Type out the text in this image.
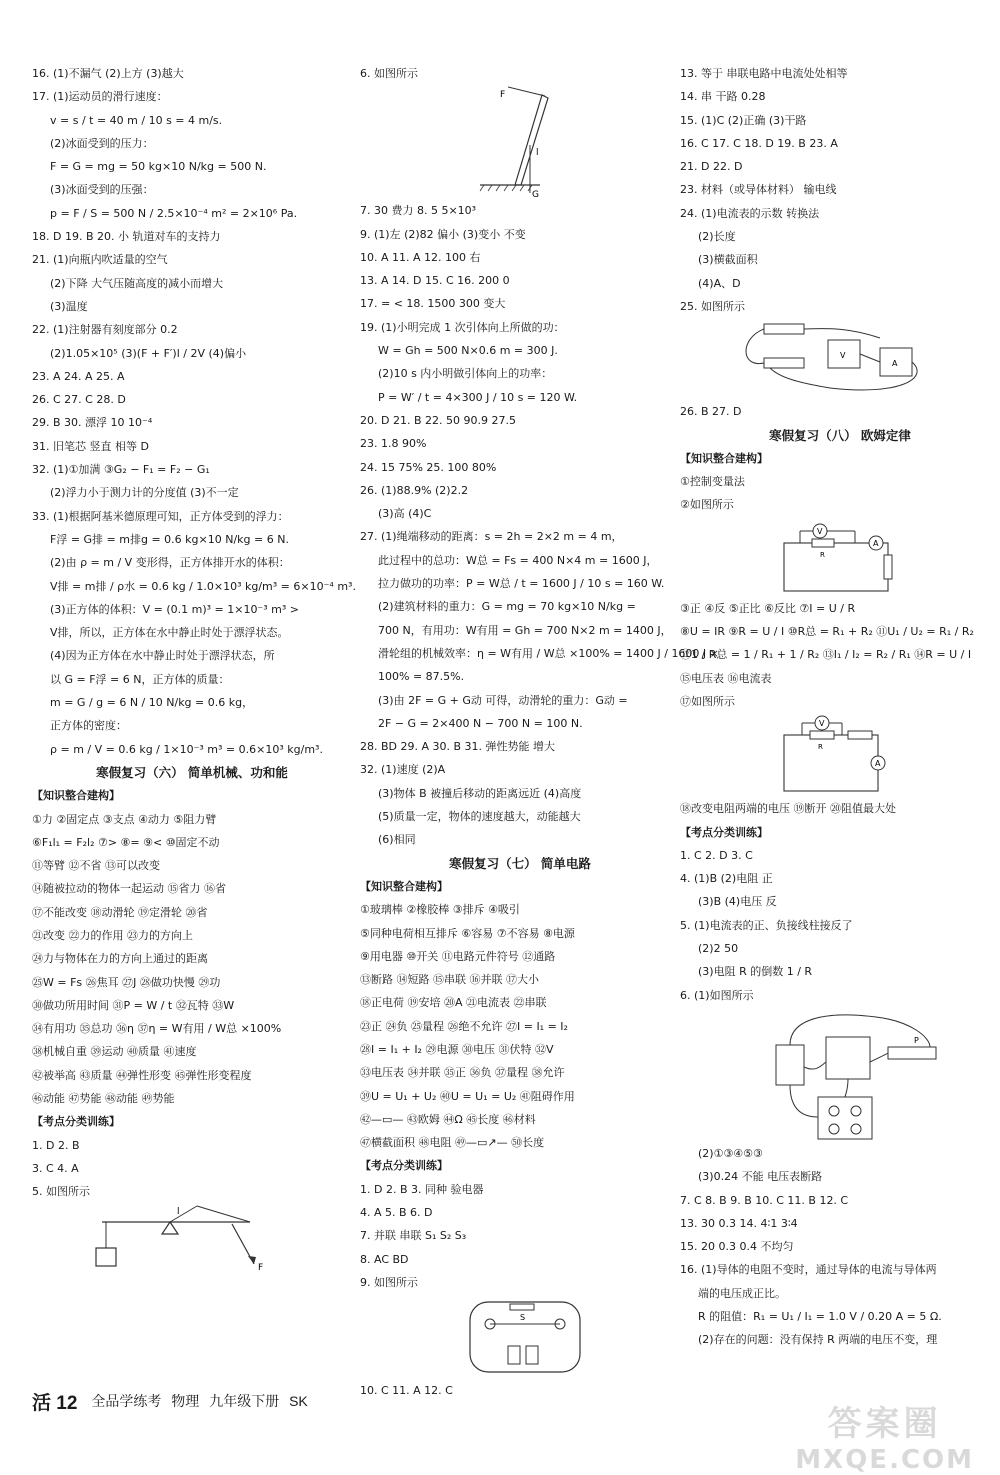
16. (1)不漏气 (2)上方 (3)越大
17. (1)运动员的滑行速度：
v = s / t = 40 m / 10 s = 4 m/s.
(2)冰面受到的压力：
F = G = mg = 50 kg×10 N/kg = 500 N.
(3)冰面受到的压强：
p = F / S = 500 N / 2.5×10⁻⁴ m² = 2×10⁶ Pa.
18. D 19. B 20. 小 轨道对车的支持力
21. (1)向瓶内吹适量的空气
(2)下降 大气压随高度的减小而增大
(3)温度
22. (1)注射器有刻度部分 0.2
(2)1.05×10⁵ (3)(F + F′)l / 2V (4)偏小
23. A 24. A 25. A
26. C 27. C 28. D
29. B 30. 漂浮 10 10⁻⁴
31. 旧笔芯 竖直 相等 D
32. (1)①加满 ③G₂ − F₁ = F₂ − G₁
(2)浮力小于测力计的分度值 (3)不一定
33. (1)根据阿基米德原理可知，正方体受到的浮力：
F浮 = G排 = m排g = 0.6 kg×10 N/kg = 6 N.
(2)由 ρ = m / V 变形得，正方体排开水的体积：
V排 = m排 / ρ水 = 0.6 kg / 1.0×10³ kg/m³ = 6×10⁻⁴ m³.
(3)正方体的体积：V = (0.1 m)³ = 1×10⁻³ m³ >
V排，所以，正方体在水中静止时处于漂浮状态。
(4)因为正方体在水中静止时处于漂浮状态，所
以 G = F浮 = 6 N，正方体的质量：
m = G / g = 6 N / 10 N/kg = 0.6 kg，
正方体的密度：
ρ = m / V = 0.6 kg / 1×10⁻³ m³ = 0.6×10³ kg/m³.
寒假复习（六） 简单机械、功和能
【知识整合建构】
①力 ②固定点 ③支点 ④动力 ⑤阻力臂
⑥F₁l₁ = F₂l₂ ⑦> ⑧= ⑨< ⑩固定不动
⑪等臂 ⑫不省 ⑬可以改变
⑭随被拉动的物体一起运动 ⑮省力 ⑯省
⑰不能改变 ⑱动滑轮 ⑲定滑轮 ⑳省
㉑改变 ㉒力的作用 ㉓力的方向上
㉔力与物体在力的方向上通过的距离
㉕W = Fs ㉖焦耳 ㉗J ㉘做功快慢 ㉙功
㉚做功所用时间 ㉛P = W / t ㉜瓦特 ㉝W
㉞有用功 ㉟总功 ㊱η ㊲η = W有用 / W总 ×100%
㊳机械自重 ㊴运动 ㊵质量 ㊶速度
㊷被举高 ㊸质量 ㊹弹性形变 ㊺弹性形变程度
㊻动能 ㊼势能 ㊽动能 ㊾势能
【考点分类训练】
1. D 2. B
3. C 4. A
5. 如图所示
l
F
6. 如图所示
F
G
l
7. 30 费力 8. 5 5×10³
9. (1)左 (2)82 偏小 (3)变小 不变
10. A 11. A 12. 100 右
13. A 14. D 15. C 16. 200 0
17. = < 18. 1500 300 变大
19. (1)小明完成 1 次引体向上所做的功：
W = Gh = 500 N×0.6 m = 300 J.
(2)10 s 内小明做引体向上的功率：
P = W′ / t = 4×300 J / 10 s = 120 W.
20. D 21. B 22. 50 90.9 27.5
23. 1.8 90%
24. 15 75% 25. 100 80%
26. (1)88.9% (2)2.2
(3)高 (4)C
27. (1)绳端移动的距离：s = 2h = 2×2 m = 4 m，
此过程中的总功：W总 = Fs = 400 N×4 m = 1600 J，
拉力做功的功率：P = W总 / t = 1600 J / 10 s = 160 W.
(2)建筑材料的重力：G = mg = 70 kg×10 N/kg =
700 N，有用功：W有用 = Gh = 700 N×2 m = 1400 J，
滑轮组的机械效率：η = W有用 / W总 ×100% = 1400 J / 1600 J ×
100% = 87.5%.
(3)由 2F = G + G动 可得，动滑轮的重力：G动 =
2F − G = 2×400 N − 700 N = 100 N.
28. BD 29. A 30. B 31. 弹性势能 增大
32. (1)速度 (2)A
(3)物体 B 被撞后移动的距离远近 (4)高度
(5)质量一定，物体的速度越大，动能越大
(6)相同
寒假复习（七） 简单电路
【知识整合建构】
①玻璃棒 ②橡胶棒 ③排斥 ④吸引
⑤同种电荷相互排斥 ⑥容易 ⑦不容易 ⑧电源
⑨用电器 ⑩开关 ⑪电路元件符号 ⑫通路
⑬断路 ⑭短路 ⑮串联 ⑯并联 ⑰大小
⑱正电荷 ⑲安培 ⑳A ㉑电流表 ㉒串联
㉓正 ㉔负 ㉕量程 ㉖绝不允许 ㉗I = I₁ = I₂
㉘I = I₁ + I₂ ㉙电源 ㉚电压 ㉛伏特 ㉜V
㉝电压表 ㉞并联 ㉟正 ㊱负 ㊲量程 ㊳允许
㊴U = U₁ + U₂ ㊵U = U₁ = U₂ ㊶阻碍作用
㊷—▭— ㊸欧姆 ㊹Ω ㊺长度 ㊻材料
㊼横截面积 ㊽电阻 ㊾—▭↗— ㊿长度
【考点分类训练】
1. D 2. B 3. 同种 验电器
4. A 5. B 6. D
7. 并联 串联 S₁ S₂ S₃
8. AC BD
9. 如图所示
S
10. C 11. A 12. C
13. 等于 串联电路中电流处处相等
14. 串 干路 0.28
15. (1)C (2)正确 (3)干路
16. C 17. C 18. D 19. B 23. A
21. D 22. D
23. 材料（或导体材料） 输电线
24. (1)电流表的示数 转换法
(2)长度
(3)横截面积
(4)A、D
25. 如图所示
V
A
26. B 27. D
寒假复习（八） 欧姆定律
【知识整合建构】
①控制变量法
②如图所示
V
A
R
③正 ④反 ⑤正比 ⑥反比 ⑦I = U / R
⑧U = IR ⑨R = U / I ⑩R总 = R₁ + R₂ ⑪U₁ / U₂ = R₁ / R₂
⑫1 / R总 = 1 / R₁ + 1 / R₂ ⑬I₁ / I₂ = R₂ / R₁ ⑭R = U / I
⑮电压表 ⑯电流表
⑰如图所示
V
A
R
⑱改变电阻两端的电压 ⑲断开 ⑳阻值最大处
【考点分类训练】
1. C 2. D 3. C
4. (1)B (2)电阻 正
(3)B (4)电压 反
5. (1)电流表的正、负接线柱接反了
(2)2 50
(3)电阻 R 的倒数 1 / R
6. (1)如图所示
P
(2)①③④⑤③
(3)0.24 不能 电压表断路
7. C 8. B 9. B 10. C 11. B 12. C
13. 30 0.3 14. 4∶1 3∶4
15. 20 0.3 0.4 不均匀
16. (1)导体的电阻不变时，通过导体的电流与导体两
端的电压成正比。
R 的阻值：R₁ = U₁ / I₁ = 1.0 V / 0.20 A = 5 Ω.
(2)存在的问题：没有保持 R 两端的电压不变，理
活 12 全品学练考 物理 九年级下册 SK
答案圈
MXQE.COM
